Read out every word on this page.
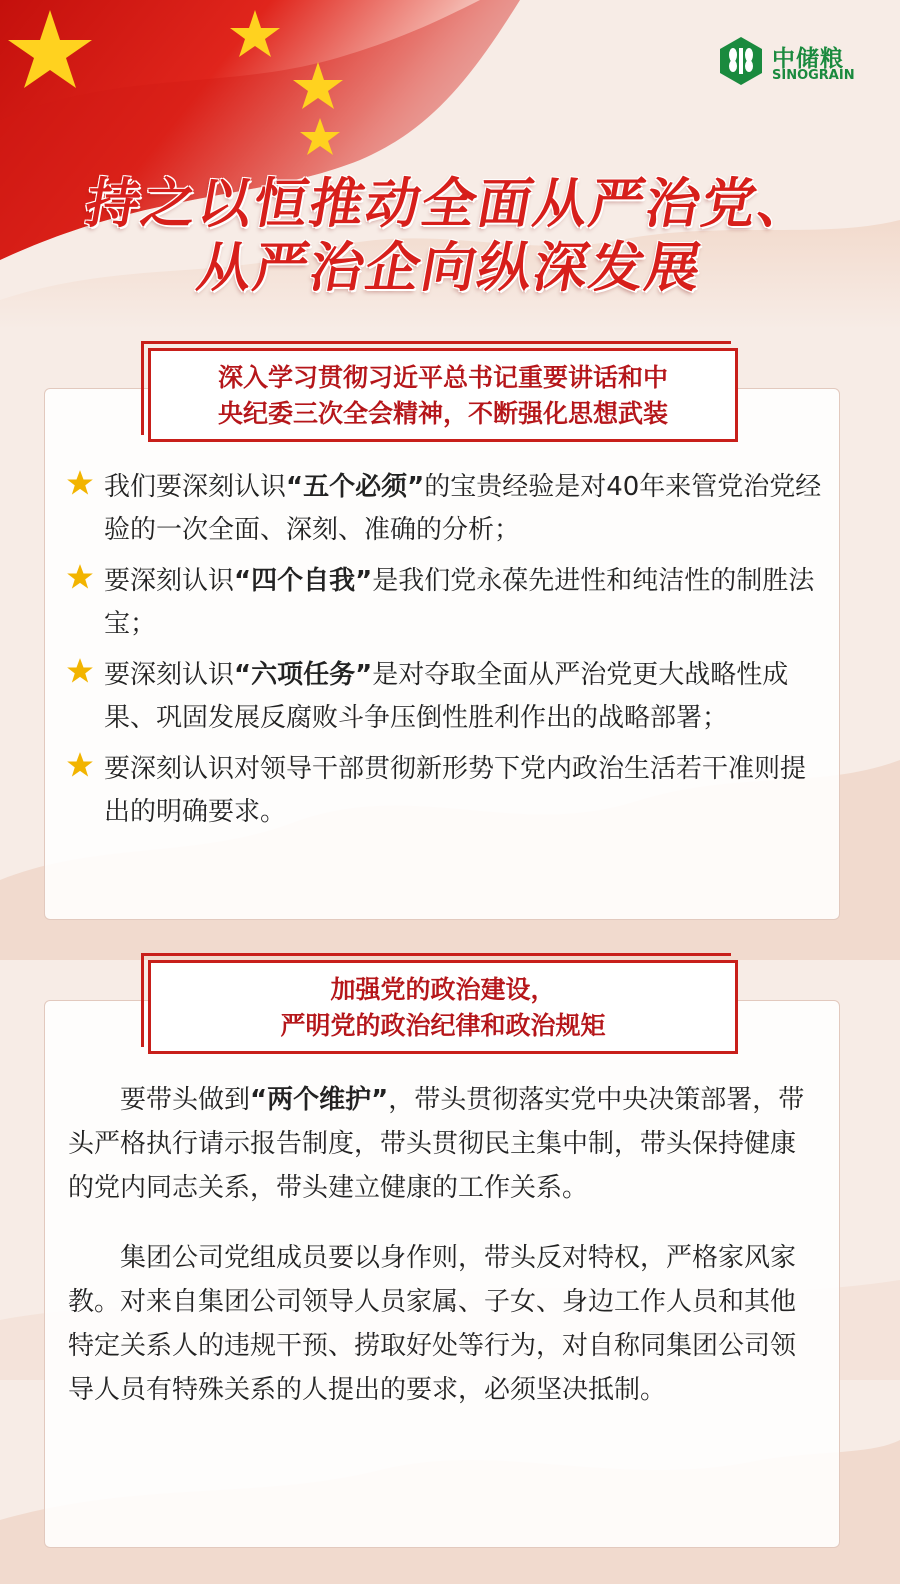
中储粮
SINOGRAIN
持之以恒推动全面从严治党、
从严治企向纵深发展
深入学习贯彻习近平总书记重要讲话和中
央纪委三次全会精神，不断强化思想武装
我们要深刻认识“五个必须”的宝贵经验是对40年来管党治党经验的一次全面、深刻、准确的分析；
要深刻认识“四个自我”是我们党永葆先进性和纯洁性的制胜法宝；
要深刻认识“六项任务”是对夺取全面从严治党更大战略性成果、巩固发展反腐败斗争压倒性胜利作出的战略部署；
要深刻认识对领导干部贯彻新形势下党内政治生活若干准则提出的明确要求。
加强党的政治建设，
严明党的政治纪律和政治规矩

要带头做到“两个维护”，带头贯彻落实党中央决策部署，带头严格执行请示报告制度，带头贯彻民主集中制，带头保持健康的党内同志关系，带头建立健康的工作关系。

集团公司党组成员要以身作则，带头反对特权，严格家风家教。对来自集团公司领导人员家属、子女、身边工作人员和其他特定关系人的违规干预、捞取好处等行为，对自称同集团公司领导人员有特殊关系的人提出的要求，必须坚决抵制。
